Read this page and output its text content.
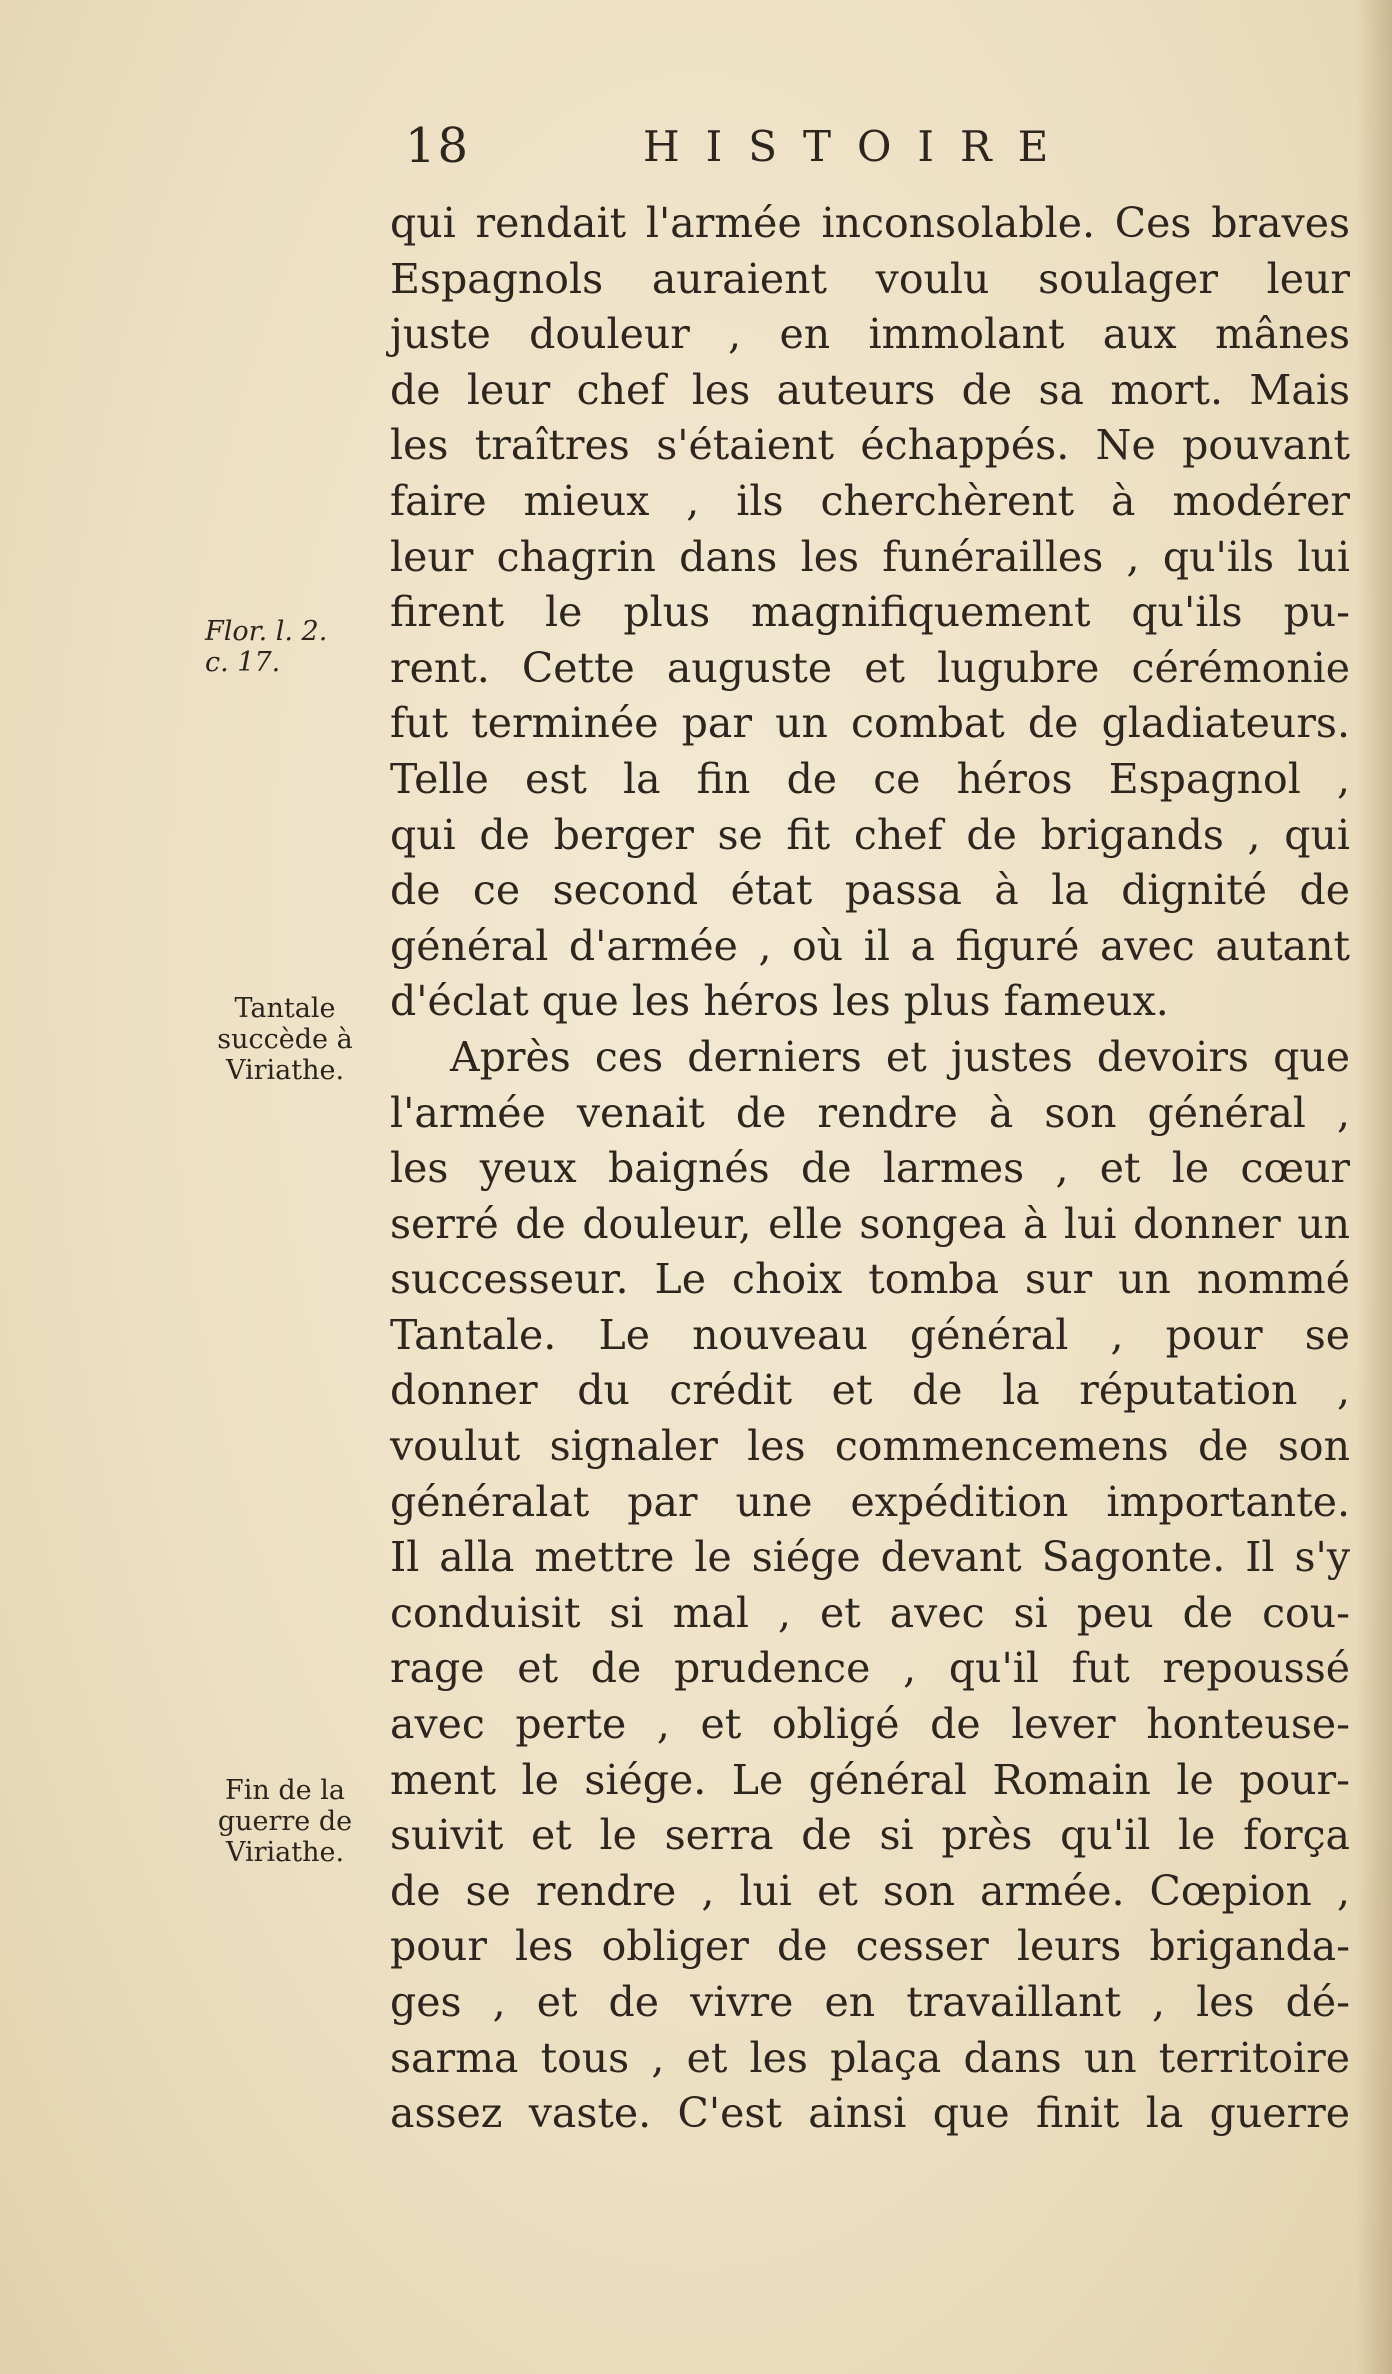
18	HISTOIRE
Flor. l. 2.
c. 17.
Tantale
succède à
Viriathe.
Fin de la
guerre de
Viriathe.
qui rendait l'armée inconsolable. Ces braves
Espagnols auraient voulu soulager leur
juste douleur , en immolant aux mânes
de leur chef les auteurs de sa mort. Mais
les traîtres s'étaient échappés. Ne pouvant
faire mieux , ils cherchèrent à modérer
leur chagrin dans les funérailles , qu'ils lui
firent le plus magnifiquement qu'ils pu-
rent. Cette auguste et lugubre cérémonie
fut terminée par un combat de gladiateurs.
Telle est la fin de ce héros Espagnol ,
qui de berger se fit chef de brigands , qui
de ce second état passa à la dignité de
général d'armée , où il a figuré avec autant
d'éclat que les héros les plus fameux.
Après ces derniers et justes devoirs que
l'armée venait de rendre à son général ,
les yeux baignés de larmes , et le cœur
serré de douleur, elle songea à lui donner un
successeur. Le choix tomba sur un nommé
Tantale. Le nouveau général , pour se
donner du crédit et de la réputation ,
voulut signaler les commencemens de son
généralat par une expédition importante.
Il alla mettre le siége devant Sagonte. Il s'y
conduisit si mal , et avec si peu de cou-
rage et de prudence , qu'il fut repoussé
avec perte , et obligé de lever honteuse-
ment le siége. Le général Romain le pour-
suivit et le serra de si près qu'il le força
de se rendre , lui et son armée. Cœpion ,
pour les obliger de cesser leurs briganda-
ges , et de vivre en travaillant , les dé-
sarma tous , et les plaça dans un territoire
assez vaste. C'est ainsi que finit la guerre
